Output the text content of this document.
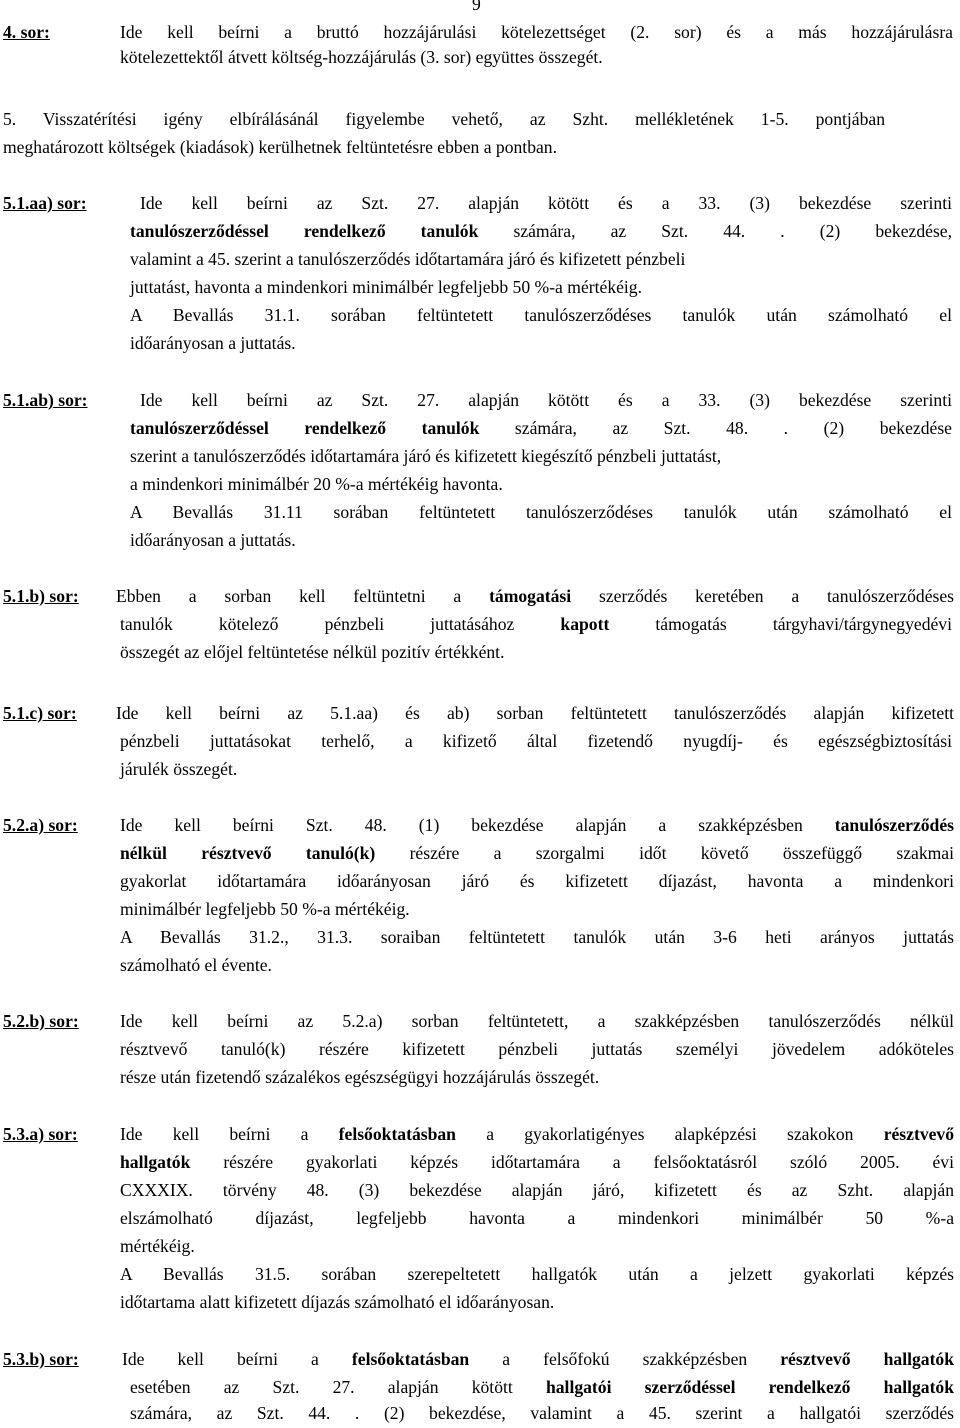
9
4. sor:	Ide kell beírni a bruttó hozzájárulási kötelezettséget (2. sor) és a más hozzájárulásra
kötelezettektől átvett költség-hozzájárulás (3. sor) együttes összegét.
5. Visszatérítési igény elbírálásánál figyelembe vehető, az Szht. mellékletének 1-5. pontjában
meghatározott költségek (kiadások) kerülhetnek feltüntetésre ebben a pontban.
5.1.aa) sor:	Ide kell beírni az Szt. 27. alapján kötött és a 33. (3) bekezdése szerinti
tanulószerződéssel rendelkező tanulók számára, az Szt. 44. . (2) bekezdése,
valamint a 45. szerint a tanulószerződés időtartamára járó és kifizetett pénzbeli
juttatást, havonta a mindenkori minimálbér legfeljebb 50 %-a mértékéig.
A Bevallás 31.1. sorában feltüntetett tanulószerződéses tanulók után számolható el
időarányosan a juttatás.
5.1.ab) sor:	Ide kell beírni az Szt. 27. alapján kötött és a 33. (3) bekezdése szerinti
tanulószerződéssel rendelkező tanulók számára, az Szt. 48. . (2) bekezdése
szerint a tanulószerződés időtartamára járó és kifizetett kiegészítő pénzbeli juttatást,
a mindenkori minimálbér 20 %-a mértékéig havonta.
A Bevallás 31.11 sorában feltüntetett tanulószerződéses tanulók után számolható el
időarányosan a juttatás.
5.1.b) sor: Ebben a sorban kell feltüntetni a támogatási szerződés keretében a tanulószerződéses
tanulók kötelező pénzbeli juttatásához	kapott	támogatás tárgyhavi/tárgynegyedévi
összegét az előjel feltüntetése nélkül pozitív értékként.
5.1.c) sor: Ide kell beírni az 5.1.aa) és ab) sorban feltüntetett tanulószerződés alapján kifizetett
pénzbeli juttatásokat terhelő, a kifizető által fizetendő nyugdíj- és egészségbiztosítási
járulék összegét.
5.2.a) sor: Ide kell beírni Szt. 48. (1) bekezdése alapján a szakképzésben tanulószerződés
nélkül résztvevő tanuló(k) részére a szorgalmi időt követő összefüggő szakmai
gyakorlat időtartamára időarányosan járó és kifizetett díjazást, havonta a mindenkori
minimálbér legfeljebb 50 %-a mértékéig.
A Bevallás 31.2., 31.3. soraiban feltüntetett tanulók után 3-6 heti arányos juttatás
számolható el évente.
5.2.b) sor: Ide kell beírni az 5.2.a) sorban feltüntetett, a szakképzésben tanulószerződés nélkül
résztvevő tanuló(k) részére kifizetett pénzbeli juttatás személyi jövedelem adóköteles
része után fizetendő százalékos egészségügyi hozzájárulás összegét.
5.3.a) sor: Ide kell beírni a felsőoktatásban a gyakorlatigényes alapképzési szakokon résztvevő
hallgatók részére gyakorlati képzés időtartamára a felsőoktatásról szóló 2005. évi
CXXXIX. törvény 48. (3) bekezdése alapján járó, kifizetett és az Szht. alapján
elszámolható díjazást, legfeljebb havonta a mindenkori minimálbér 50 %-a
mértékéig.
A Bevallás 31.5. sorában szerepeltetett hallgatók után a jelzett gyakorlati képzés
időtartama alatt kifizetett díjazás számolható el időarányosan.
5.3.b) sor: Ide kell beírni a felsőoktatásban a felsőfokú szakképzésben résztvevő hallgatók
esetében az Szt. 27. alapján kötött hallgatói szerződéssel rendelkező hallgatók
számára, az Szt. 44. . (2) bekezdése, valamint a 45. szerint a hallgatói szerződés
